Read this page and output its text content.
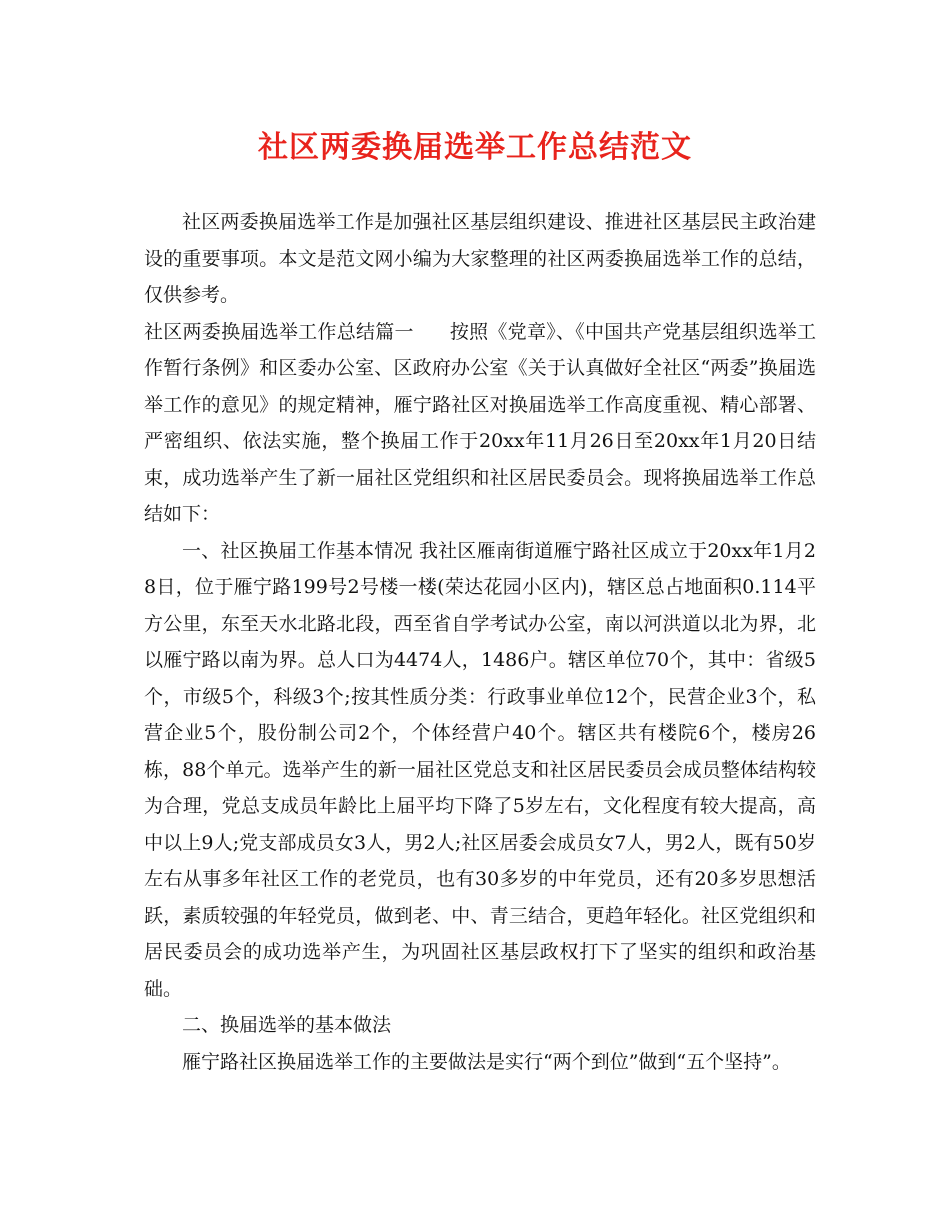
社区两委换届选举工作总结范文

社区两委换届选举工作是加强社区基层组织建设、推进社区基层民主政治建设的重要事项。本文是范文网小编为大家整理的社区两委换届选举工作的总结，仅供参考。

社区两委换届选举工作总结篇一 按照《党章》、《中国共产党基层组织选举工作暂行条例》和区委办公室、区政府办公室《关于认真做好全社区“两委”换届选举工作的意见》的规定精神，雁宁路社区对换届选举工作高度重视、精心部署、严密组织、依法实施，整个换届工作于20xx年11月26日至20xx年1月20日结束，成功选举产生了新一届社区党组织和社区居民委员会。现将换届选举工作总结如下：

一、社区换届工作基本情况 我社区雁南街道雁宁路社区成立于20xx年1月28日，位于雁宁路199号2号楼一楼(荣达花园小区内)，辖区总占地面积0.114平方公里，东至天水北路北段，西至省自学考试办公室，南以河洪道以北为界，北以雁宁路以南为界。总人口为4474人，1486户。辖区单位70个，其中：省级5个，市级5个，科级3个;按其性质分类：行政事业单位12个，民营企业3个，私营企业5个，股份制公司2个，个体经营户40个。辖区共有楼院6个，楼房26栋，88个单元。选举产生的新一届社区党总支和社区居民委员会成员整体结构较为合理，党总支成员年龄比上届平均下降了5岁左右，文化程度有较大提高，高中以上9人;党支部成员女3人，男2人;社区居委会成员女7人，男2人，既有50岁左右从事多年社区工作的老党员，也有30多岁的中年党员，还有20多岁思想活跃，素质较强的年轻党员，做到老、中、青三结合，更趋年轻化。社区党组织和居民委员会的成功选举产生，为巩固社区基层政权打下了坚实的组织和政治基础。

二、换届选举的基本做法

雁宁路社区换届选举工作的主要做法是实行“两个到位”做到“五个坚持”。
